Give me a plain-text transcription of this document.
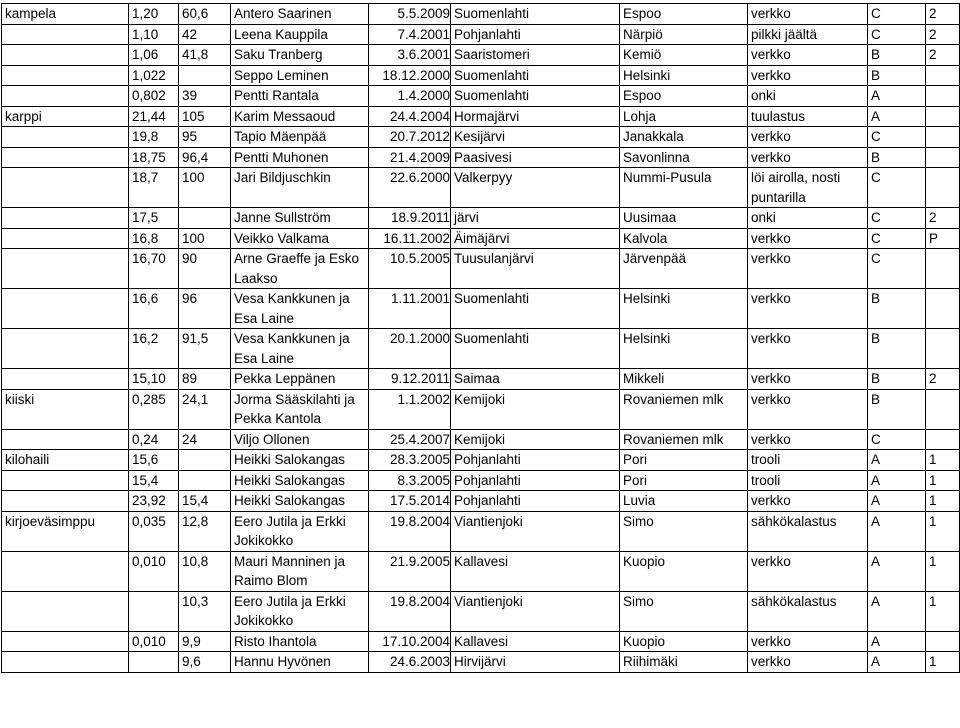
kampela	1,20	60,6	Antero Saarinen	5.5.2009	Suomenlahti	Espoo	verkko	C	2
	1,10	42	Leena Kauppila	7.4.2001	Pohjanlahti	Närpiö	pilkki jäältä	C	2
	1,06	41,8	Saku Tranberg	3.6.2001	Saaristomeri	Kemiö	verkko	B	2
	1,022		Seppo Leminen	18.12.2000	Suomenlahti	Helsinki	verkko	B	
	0,802	39	Pentti Rantala	1.4.2000	Suomenlahti	Espoo	onki	A	
karppi	21,44	105	Karim Messaoud	24.4.2004	Hormajärvi	Lohja	tuulastus	A	
	19,8	95	Tapio Mäenpää	20.7.2012	Kesijärvi	Janakkala	verkko	C	
	18,75	96,4	Pentti Muhonen	21.4.2009	Paasivesi	Savonlinna	verkko	B	
	18,7	100	Jari Bildjuschkin	22.6.2000	Valkerpyy	Nummi-Pusula	löi airolla, nosti puntarilla	C	
	17,5		Janne Sullström	18.9.2011	järvi	Uusimaa	onki	C	2
	16,8	100	Veikko Valkama	16.11.2002	Äimäjärvi	Kalvola	verkko	C	P
	16,70	90	Arne Graeffe ja Esko Laakso	10.5.2005	Tuusulanjärvi	Järvenpää	verkko	C	
	16,6	96	Vesa Kankkunen ja Esa Laine	1.11.2001	Suomenlahti	Helsinki	verkko	B	
	16,2	91,5	Vesa Kankkunen ja Esa Laine	20.1.2000	Suomenlahti	Helsinki	verkko	B	
	15,10	89	Pekka Leppänen	9.12.2011	Saimaa	Mikkeli	verkko	B	2
kiiski	0,285	24,1	Jorma Sääskilahti ja Pekka Kantola	1.1.2002	Kemijoki	Rovaniemen mlk	verkko	B	
	0,24	24	Viljo Ollonen	25.4.2007	Kemijoki	Rovaniemen mlk	verkko	C	
kilohaili	15,6		Heikki Salokangas	28.3.2005	Pohjanlahti	Pori	trooli	A	1
	15,4		Heikki Salokangas	8.3.2005	Pohjanlahti	Pori	trooli	A	1
	23,92	15,4	Heikki Salokangas	17.5.2014	Pohjanlahti	Luvia	verkko	A	1
kirjoeväsimppu	0,035	12,8	Eero Jutila ja Erkki Jokikokko	19.8.2004	Viantienjoki	Simo	sähkökalastus	A	1
	0,010	10,8	Mauri Manninen ja Raimo Blom	21.9.2005	Kallavesi	Kuopio	verkko	A	1
		10,3	Eero Jutila ja Erkki Jokikokko	19.8.2004	Viantienjoki	Simo	sähkökalastus	A	1
	0,010	9,9	Risto Ihantola	17.10.2004	Kallavesi	Kuopio	verkko	A	
		9,6	Hannu Hyvönen	24.6.2003	Hirvijärvi	Riihimäki	verkko	A	1
